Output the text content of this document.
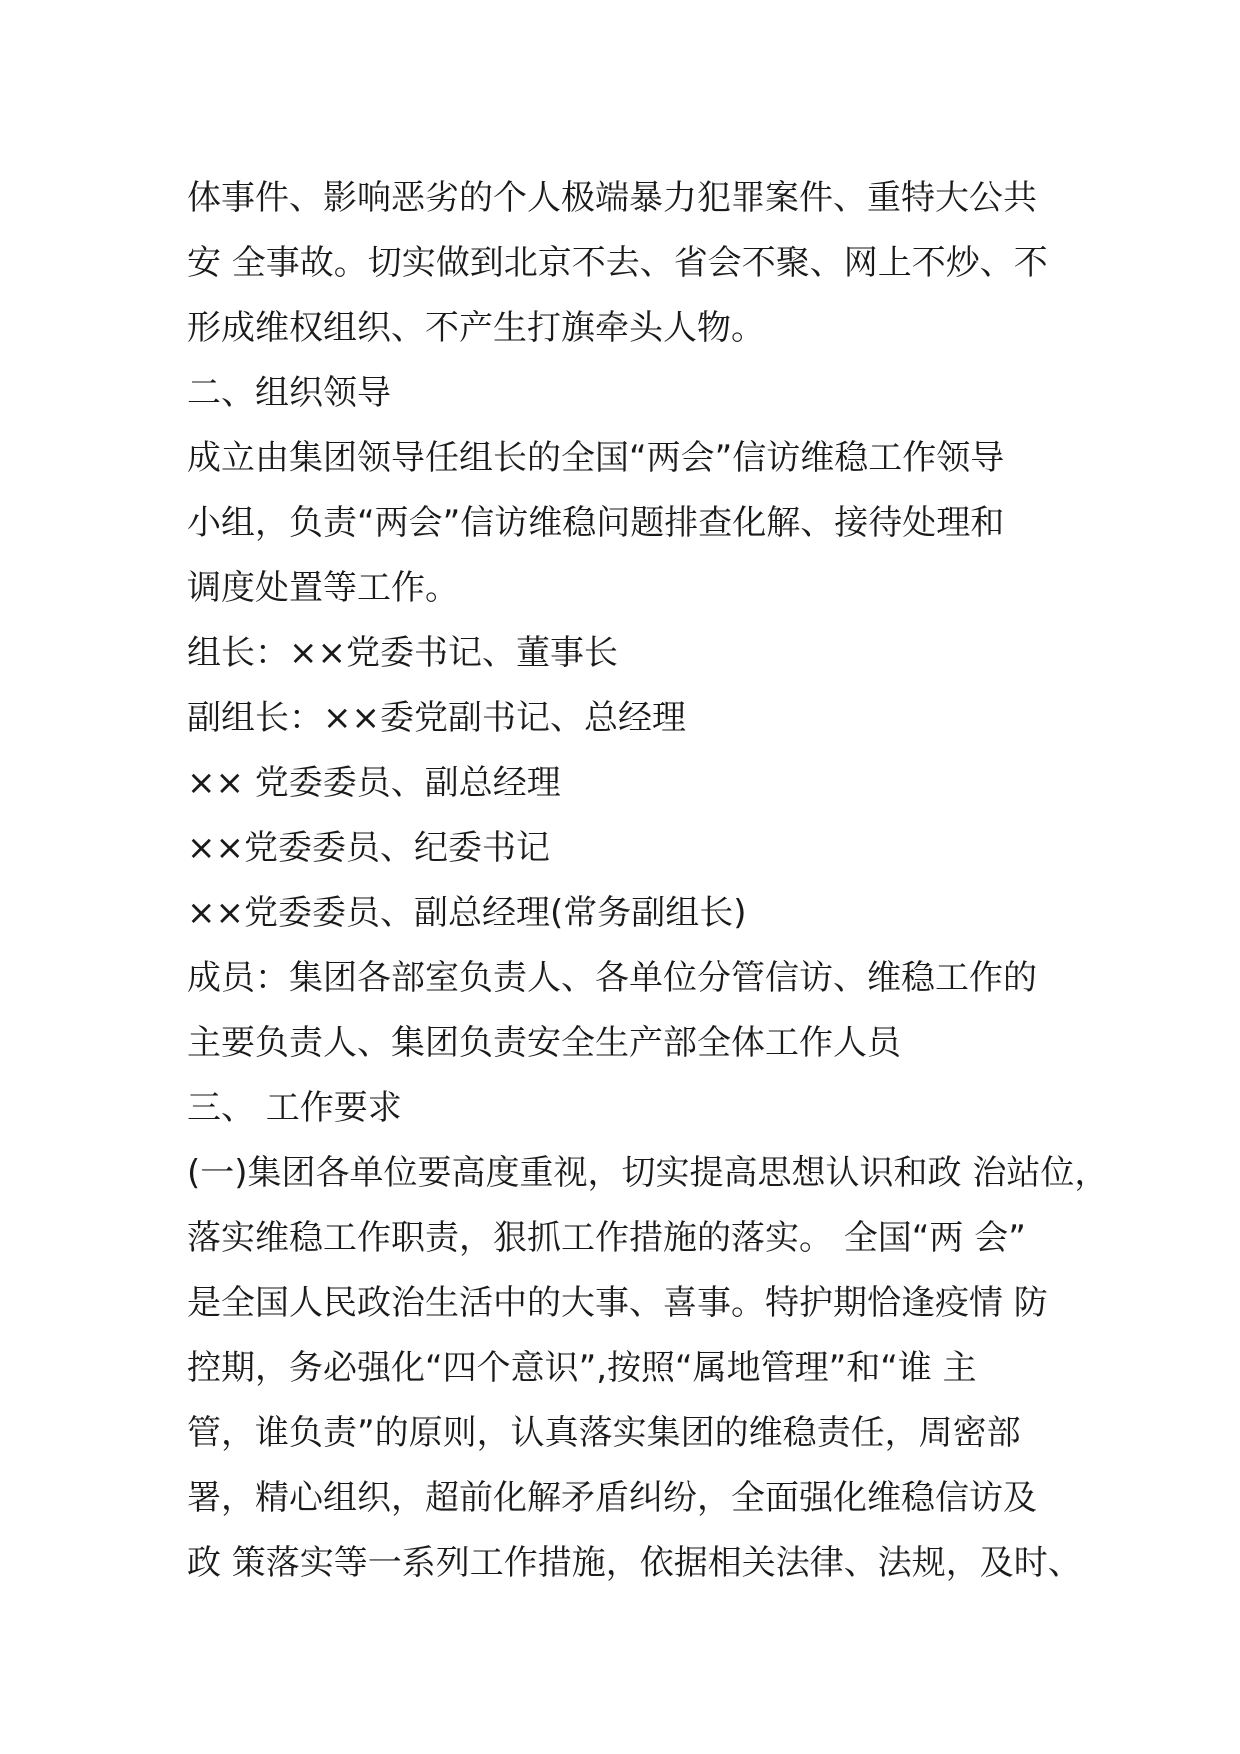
体事件、影响恶劣的个人极端暴力犯罪案件、重特大公共
安 全事故。切实做到北京不去、省会不聚、网上不炒、不
形成维权组织、不产生打旗牵头人物。
二、组织领导
成立由集团领导任组长的全国“两会”信访维稳工作领导
小组，负责“两会”信访维稳问题排查化解、接待处理和
调度处置等工作。
组长：××党委书记、董事长
副组长：××委党副书记、总经理
×× 党委委员、副总经理
××党委委员、纪委书记
××党委委员、副总经理(常务副组长)
成员：集团各部室负责人、各单位分管信访、维稳工作的
主要负责人、集团负责安全生产部全体工作人员
三、 工作要求
(一)集团各单位要高度重视，切实提高思想认识和政 治站位，
落实维稳工作职责，狠抓工作措施的落实。 全国“两 会”
是全国人民政治生活中的大事、喜事。特护期恰逢疫情 防
控期，务必强化“四个意识”,按照“属地管理”和“谁 主
管，谁负责”的原则，认真落实集团的维稳责任，周密部
署，精心组织，超前化解矛盾纠纷，全面强化维稳信访及
政 策落实等一系列工作措施，依据相关法律、法规，及时、
